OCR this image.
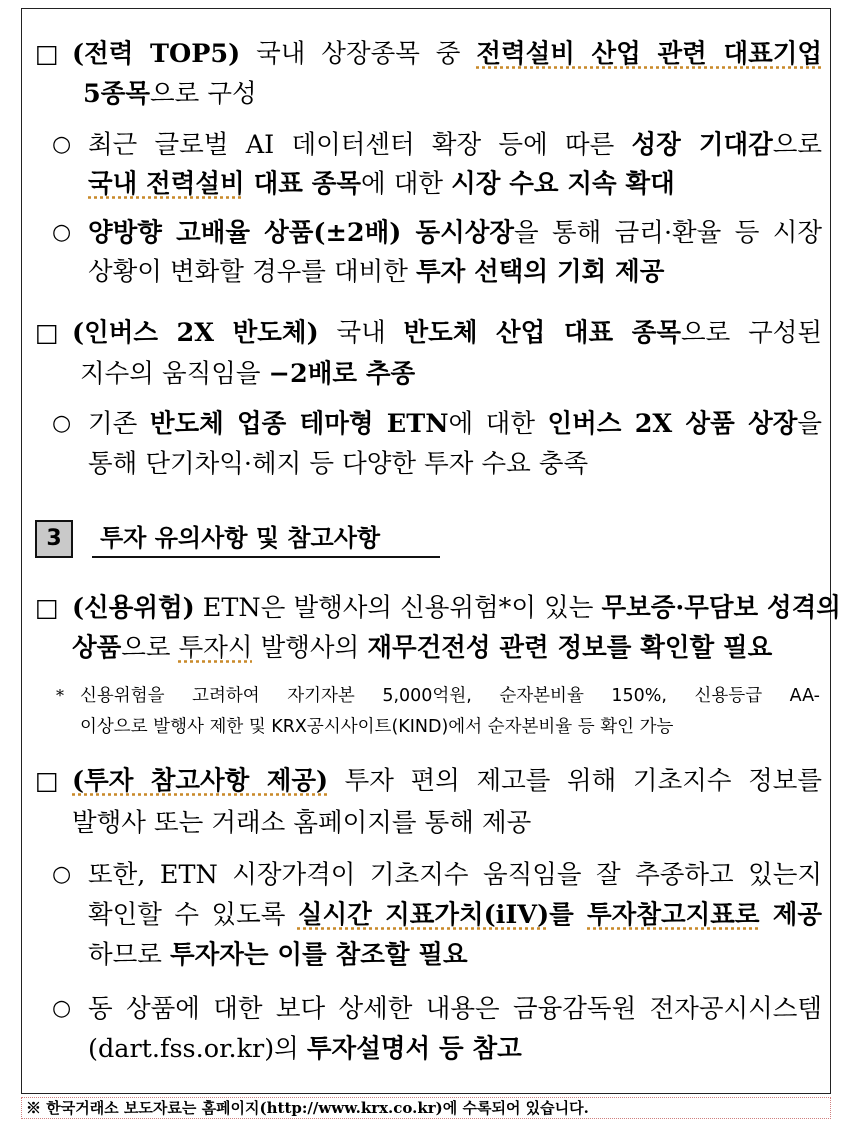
□ (전력 TOP5) 국내 상장종목 중 전력설비 산업 관련 대표기업
5종목으로 구성
○ 최근 글로벌 AI 데이터센터 확장 등에 따른 성장 기대감으로
국내 전력설비 대표 종목에 대한 시장 수요 지속 확대
○ 양방향 고배율 상품(±2배) 동시상장을 통해 금리·환율 등 시장
상황이 변화할 경우를 대비한 투자 선택의 기회 제공
□ (인버스 2X 반도체) 국내 반도체 산업 대표 종목으로 구성된
지수의 움직임을 −2배로 추종
○ 기존 반도체 업종 테마형 ETN에 대한 인버스 2X 상품 상장을
통해 단기차익·헤지 등 다양한 투자 수요 충족
3	투자 유의사항 및 참고사항
□ (신용위험) ETN은 발행사의 신용위험*이 있는 무보증·무담보 성격의
상품으로 투자시 발행사의 재무건전성 관련 정보를 확인할 필요
* 신용위험을 고려하여 자기자본 5,000억원, 순자본비율 150%, 신용등급 AA-
이상으로 발행사 제한 및 KRX공시사이트(KIND)에서 순자본비율 등 확인 가능
□ (투자 참고사항 제공) 투자 편의 제고를 위해 기초지수 정보를
발행사 또는 거래소 홈페이지를 통해 제공
○ 또한, ETN 시장가격이 기초지수 움직임을 잘 추종하고 있는지
확인할 수 있도록 실시간 지표가치(iIV)를 투자참고지표로 제공
하므로 투자자는 이를 참조할 필요
○ 동 상품에 대한 보다 상세한 내용은 금융감독원 전자공시시스템
(dart.fss.or.kr)의 투자설명서 등 참고
※ 한국거래소 보도자료는 홈페이지(http://www.krx.co.kr)에 수록되어 있습니다.
